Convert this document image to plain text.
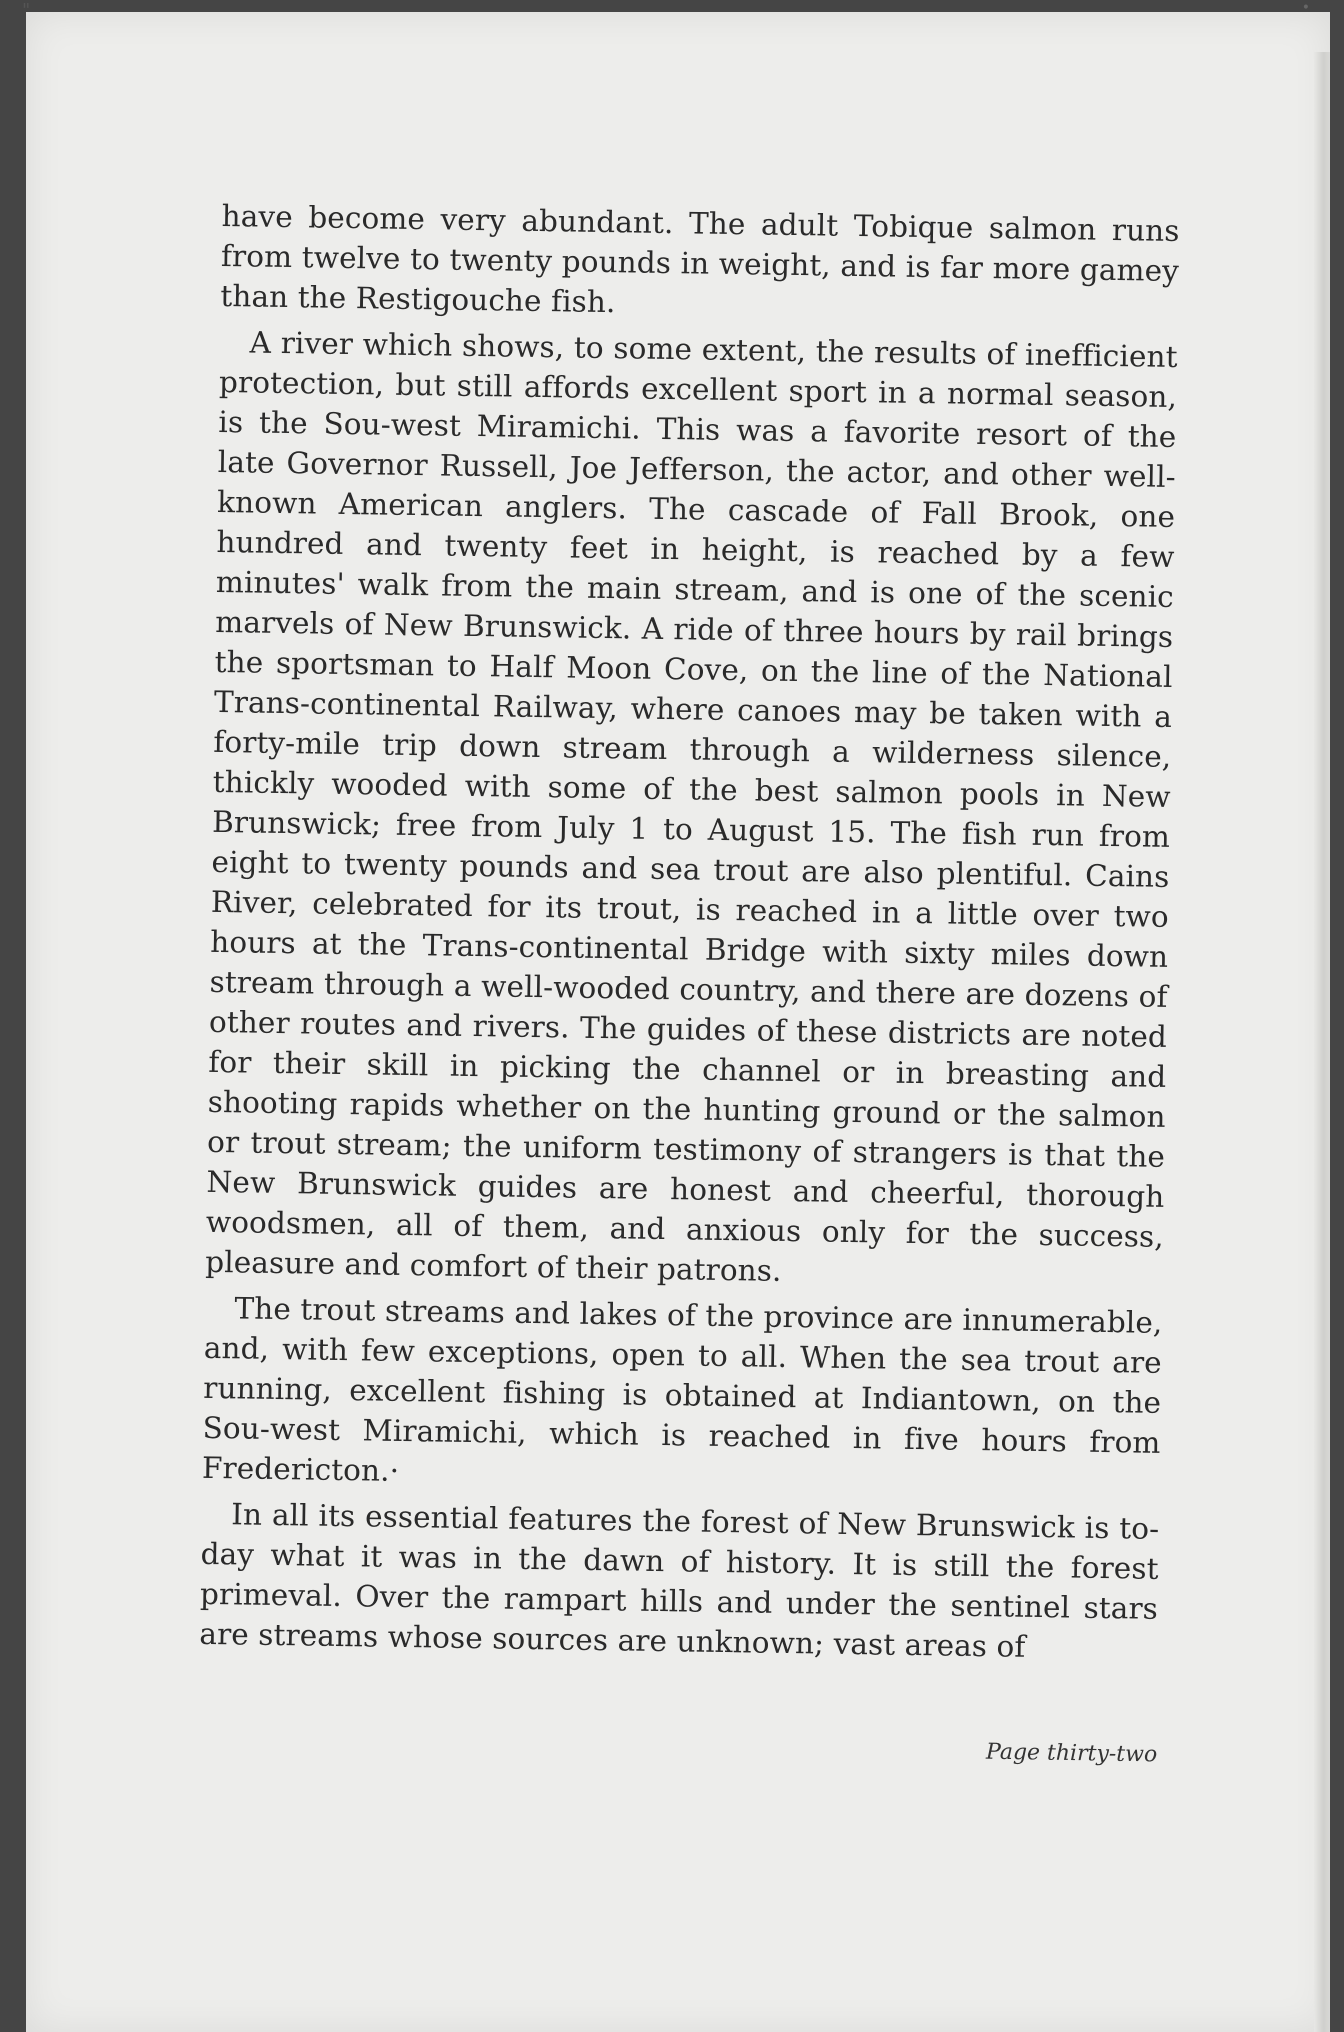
"	•

have become very abundant. The adult Tobique salmon runs from twelve to twenty pounds in weight, and is far more gamey than the Restigouche fish.

A river which shows, to some extent, the results of inefficient protection, but still affords excellent sport in a normal season, is the Sou-west Miramichi. This was a favorite resort of the late Governor Russell, Joe Jefferson, the actor, and other well-known American anglers. The cascade of Fall Brook, one hundred and twenty feet in height, is reached by a few minutes' walk from the main stream, and is one of the scenic marvels of New Brunswick. A ride of three hours by rail brings the sportsman to Half Moon Cove, on the line of the National Trans-continental Railway, where canoes may be taken with a forty-mile trip down stream through a wilderness silence, thickly wooded with some of the best salmon pools in New Brunswick; free from July 1 to August 15. The fish run from eight to twenty pounds and sea trout are also plentiful. Cains River, celebrated for its trout, is reached in a little over two hours at the Trans-continental Bridge with sixty miles down stream through a well-wooded country, and there are dozens of other routes and rivers. The guides of these districts are noted for their skill in picking the channel or in breasting and shooting rapids whether on the hunting ground or the salmon or trout stream; the uniform testimony of strangers is that the New Brunswick guides are honest and cheerful, thorough woodsmen, all of them, and anxious only for the success, pleasure and comfort of their patrons.

The trout streams and lakes of the province are innumerable, and, with few exceptions, open to all. When the sea trout are running, excellent fishing is obtained at Indiantown, on the Sou-west Miramichi, which is reached in five hours from Fredericton.·

In all its essential features the forest of New Brunswick is to-day what it was in the dawn of history. It is still the forest primeval. Over the rampart hills and under the sentinel stars are streams whose sources are unknown; vast areas of

Page thirty-two
